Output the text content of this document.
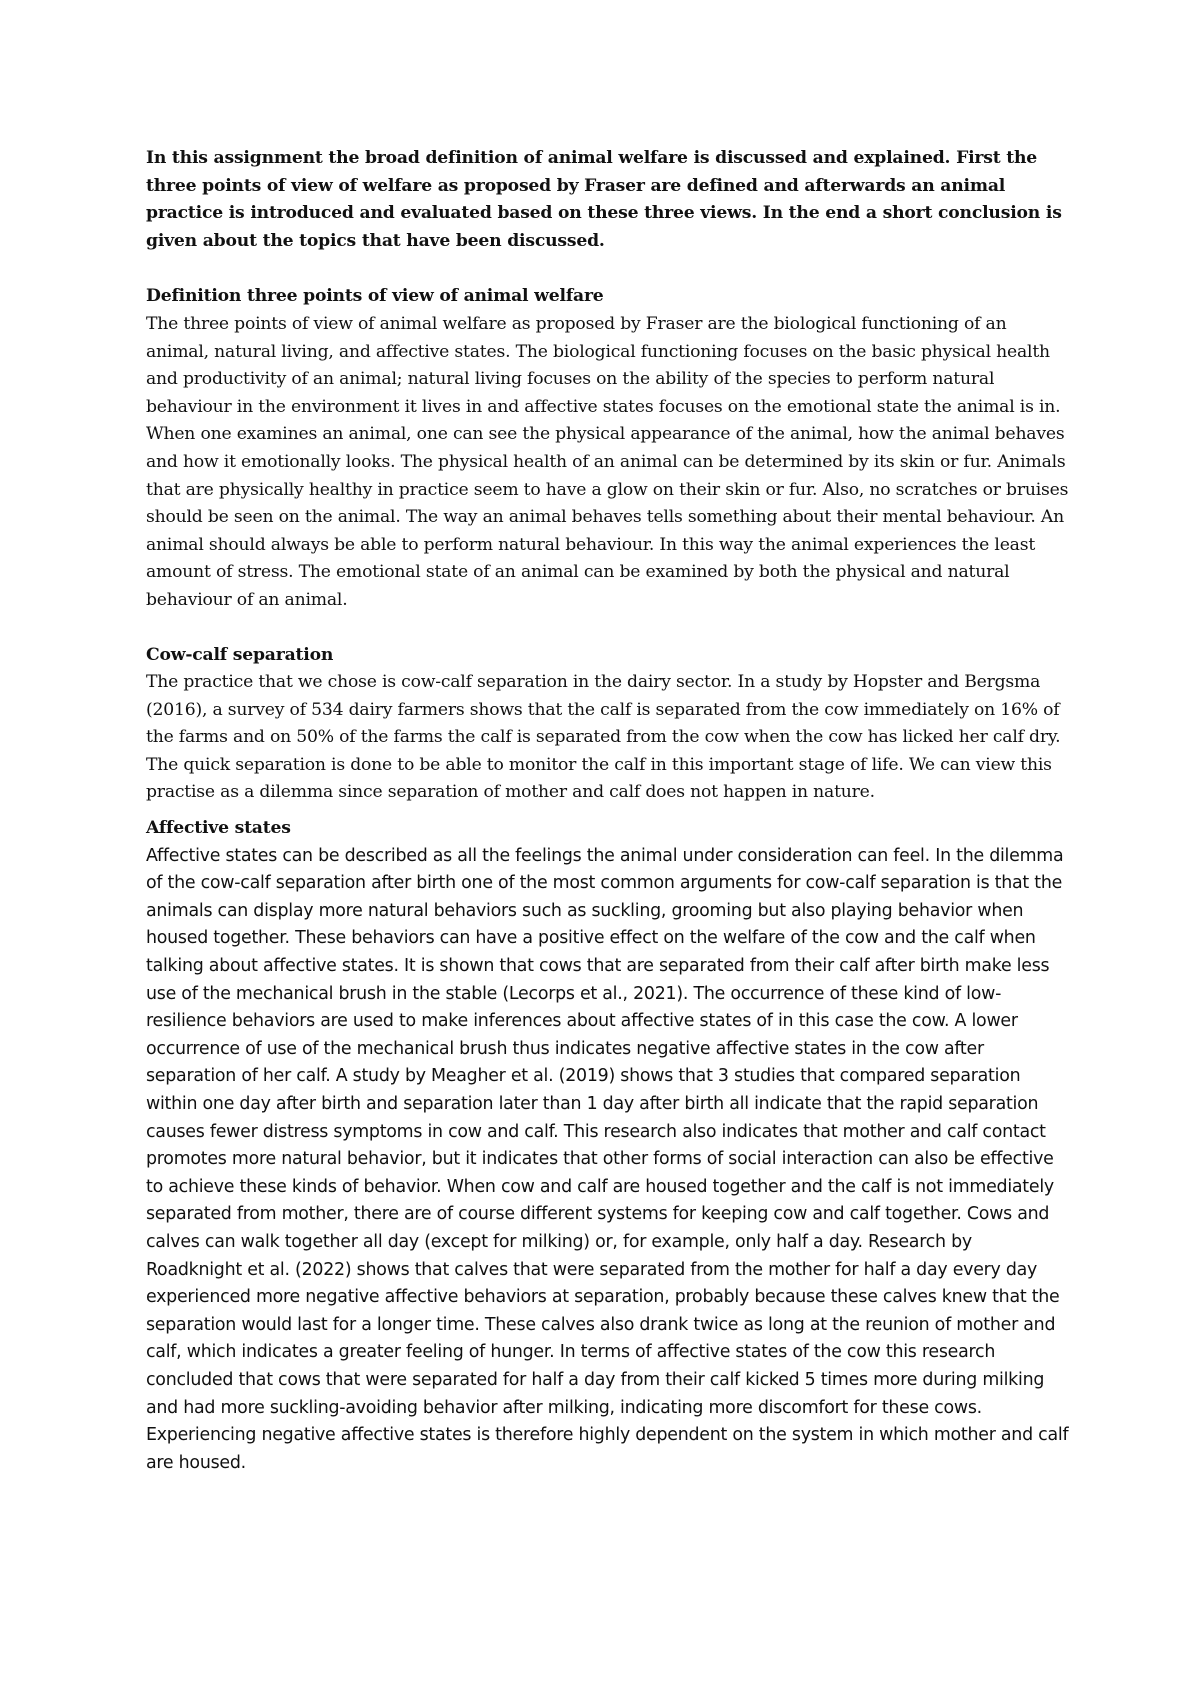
In this assignment the broad definition of animal welfare is discussed and explained. First the three points of view of welfare as proposed by Fraser are defined and afterwards an animal practice is introduced and evaluated based on these three views. In the end a short conclusion is given about the topics that have been discussed.

Definition three points of view of animal welfare

The three points of view of animal welfare as proposed by Fraser are the biological functioning of an animal, natural living, and affective states. The biological functioning focuses on the basic physical health and productivity of an animal; natural living focuses on the ability of the species to perform natural behaviour in the environment it lives in and affective states focuses on the emotional state the animal is in. When one examines an animal, one can see the physical appearance of the animal, how the animal behaves and how it emotionally looks. The physical health of an animal can be determined by its skin or fur. Animals that are physically healthy in practice seem to have a glow on their skin or fur. Also, no scratches or bruises should be seen on the animal. The way an animal behaves tells something about their mental behaviour. An animal should always be able to perform natural behaviour. In this way the animal experiences the least amount of stress. The emotional state of an animal can be examined by both the physical and natural behaviour of an animal.

Cow-calf separation

The practice that we chose is cow-calf separation in the dairy sector. In a study by Hopster and Bergsma (2016), a survey of 534 dairy farmers shows that the calf is separated from the cow immediately on 16% of the farms and on 50% of the farms the calf is separated from the cow when the cow has licked her calf dry. The quick separation is done to be able to monitor the calf in this important stage of life. We can view this practise as a dilemma since separation of mother and calf does not happen in nature.

Affective states

Affective states can be described as all the feelings the animal under consideration can feel. In the dilemma of the cow-calf separation after birth one of the most common arguments for cow-calf separation is that the animals can display more natural behaviors such as suckling, grooming but also playing behavior when housed together. These behaviors can have a positive effect on the welfare of the cow and the calf when talking about affective states. It is shown that cows that are separated from their calf after birth make less use of the mechanical brush in the stable (Lecorps et al., 2021). The occurrence of these kind of low-resilience behaviors are used to make inferences about affective states of in this case the cow. A lower occurrence of use of the mechanical brush thus indicates negative affective states in the cow after separation of her calf. A study by Meagher et al. (2019) shows that 3 studies that compared separation within one day after birth and separation later than 1 day after birth all indicate that the rapid separation causes fewer distress symptoms in cow and calf. This research also indicates that mother and calf contact promotes more natural behavior, but it indicates that other forms of social interaction can also be effective to achieve these kinds of behavior. When cow and calf are housed together and the calf is not immediately separated from mother, there are of course different systems for keeping cow and calf together. Cows and calves can walk together all day (except for milking) or, for example, only half a day. Research by Roadknight et al. (2022) shows that calves that were separated from the mother for half a day every day experienced more negative affective behaviors at separation, probably because these calves knew that the separation would last for a longer time. These calves also drank twice as long at the reunion of mother and calf, which indicates a greater feeling of hunger. In terms of affective states of the cow this research concluded that cows that were separated for half a day from their calf kicked 5 times more during milking and had more suckling-avoiding behavior after milking, indicating more discomfort for these cows. Experiencing negative affective states is therefore highly dependent on the system in which mother and calf are housed.
